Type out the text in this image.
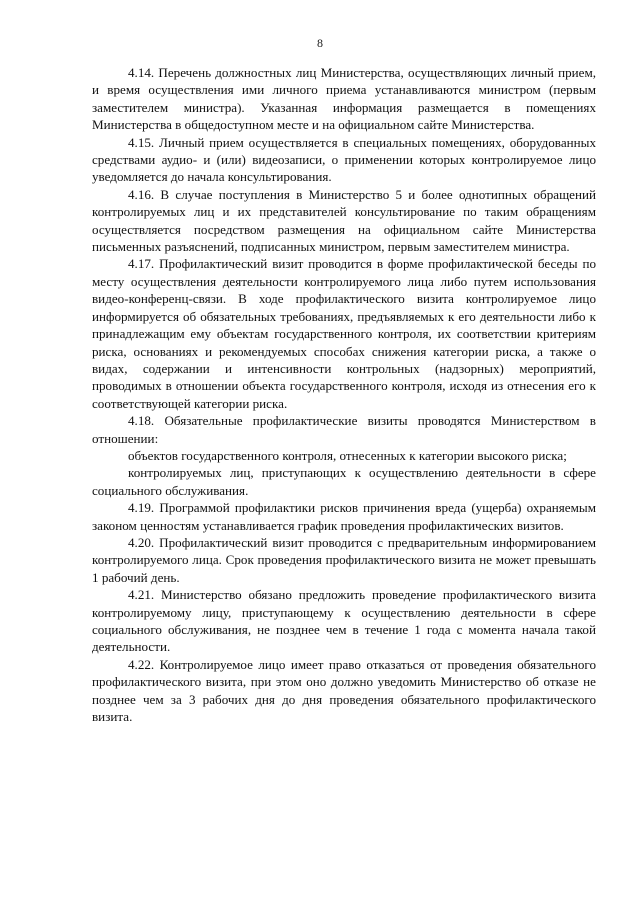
8

4.14. Перечень должностных лиц Министерства, осуществляющих личный прием, и время осуществления ими личного приема устанавливаются министром (первым заместителем министра). Указанная информация размещается в помещениях Министерства в общедоступном месте и на официальном сайте Министерства.

4.15. Личный прием осуществляется в специальных помещениях, оборудованных средствами аудио- и (или) видеозаписи, о применении которых контролируемое лицо уведомляется до начала консультирования.

4.16. В случае поступления в Министерство 5 и более однотипных обращений контролируемых лиц и их представителей консультирование по таким обращениям осуществляется посредством размещения на официальном сайте Министерства письменных разъяснений, подписанных министром, первым заместителем министра.

4.17. Профилактический визит проводится в форме профилактической беседы по месту осуществления деятельности контролируемого лица либо путем использования видео-конференц-связи. В ходе профилактического визита контролируемое лицо информируется об обязательных требованиях, предъявляемых к его деятельности либо к принадлежащим ему объектам государственного контроля, их соответствии критериям риска, основаниях и рекомендуемых способах снижения категории риска, а также о видах, содержании и интенсивности контрольных (надзорных) мероприятий, проводимых в отношении объекта государственного контроля, исходя из отнесения его к соответствующей категории риска.

4.18. Обязательные профилактические визиты проводятся Министерством в отношении:

объектов государственного контроля, отнесенных к категории высокого риска;

контролируемых лиц, приступающих к осуществлению деятельности в сфере социального обслуживания.

4.19. Программой профилактики рисков причинения вреда (ущерба) охраняемым законом ценностям устанавливается график проведения профилактических визитов.

4.20. Профилактический визит проводится с предварительным информированием контролируемого лица. Срок проведения профилактического визита не может превышать 1 рабочий день.

4.21. Министерство обязано предложить проведение профилактического визита контролируемому лицу, приступающему к осуществлению деятельности в сфере социального обслуживания, не позднее чем в течение 1 года с момента начала такой деятельности.

4.22. Контролируемое лицо имеет право отказаться от проведения обязательного профилактического визита, при этом оно должно уведомить Министерство об отказе не позднее чем за 3 рабочих дня до дня проведения обязательного профилактического визита.
